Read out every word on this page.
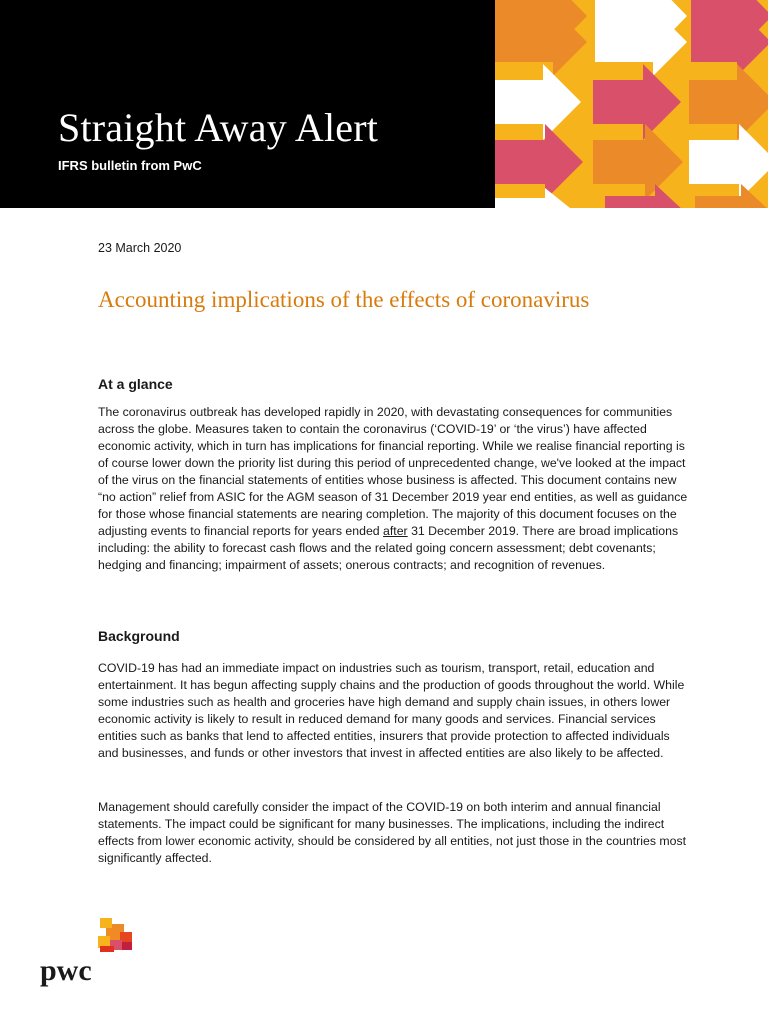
Straight Away Alert

IFRS bulletin from PwC

23 March 2020

Accounting implications of the effects of coronavirus
At a glance

The coronavirus outbreak has developed rapidly in 2020, with devastating consequences for communities across the globe. Measures taken to contain the coronavirus (‘COVID-19’ or ‘the virus’) have affected economic activity, which in turn has implications for financial reporting. While we realise financial reporting is of course lower down the priority list during this period of unprecedented change, we've looked at the impact of the virus on the financial statements of entities whose business is affected. This document contains new “no action” relief from ASIC for the AGM season of 31 December 2019 year end entities, as well as guidance for those whose financial statements are nearing completion. The majority of this document focuses on the adjusting events to financial reports for years ended after 31 December 2019. There are broad implications including: the ability to forecast cash flows and the related going concern assessment; debt covenants; hedging and financing; impairment of assets; onerous contracts; and recognition of revenues.

Background

COVID-19 has had an immediate impact on industries such as tourism, transport, retail, education and entertainment. It has begun affecting supply chains and the production of goods throughout the world. While some industries such as health and groceries have high demand and supply chain issues, in others lower economic activity is likely to result in reduced demand for many goods and services. Financial services entities such as banks that lend to affected entities, insurers that provide protection to affected individuals and businesses, and funds or other investors that invest in affected entities are also likely to be affected.

Management should carefully consider the impact of the COVID-19 on both interim and annual financial statements. The impact could be significant for many businesses. The implications, including the indirect effects from lower economic activity, should be considered by all entities, not just those in the countries most significantly affected.

pwc
